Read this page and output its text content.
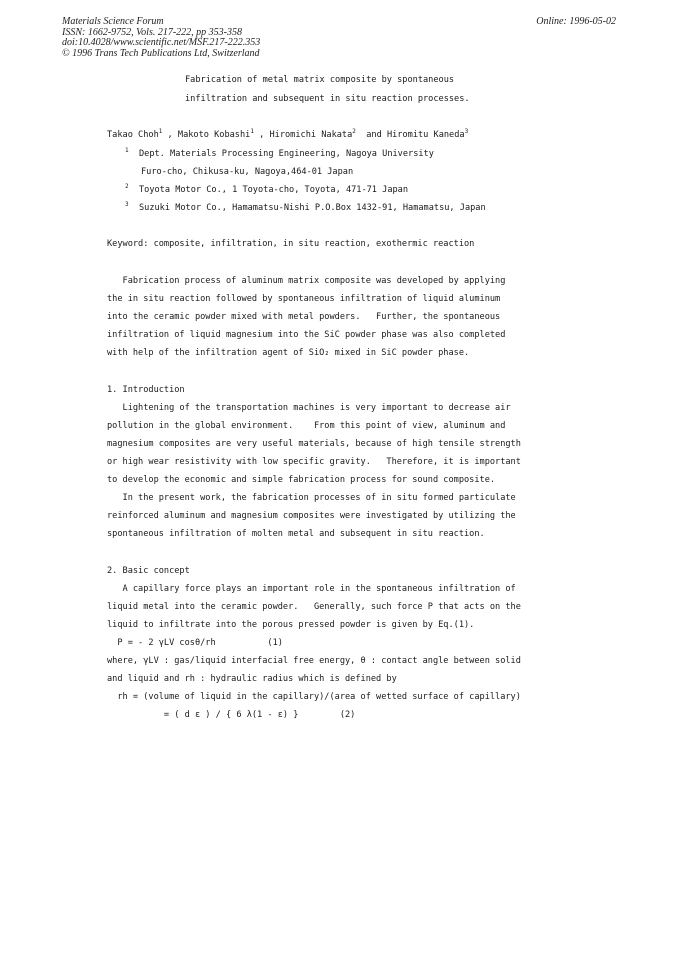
Materials Science Forum
ISSN: 1662-9752, Vols. 217-222, pp 353-358
doi:10.4028/www.scientific.net/MSF.217-222.353
© 1996 Trans Tech Publications Ltd, Switzerland
Online: 1996-05-02
Fabrication of metal matrix composite by spontaneous
infiltration and subsequent in situ reaction processes.
Takao Choh$^1$ , Makoto Kobashi$^1$ , Hiromichi Nakata$^2$  and Hiromitu Kaneda$^3$
$^1$ Dept. Materials Processing Engineering, Nagoya University
Furo-cho, Chikusa-ku, Nagoya,464-01 Japan
$^2$ Toyota Motor Co., 1 Toyota-cho, Toyota, 471-71 Japan
$^3$ Suzuki Motor Co., Hamamatsu-Nishi P.O.Box 1432-91, Hamamatsu, Japan
Keyword: composite, infiltration, in situ reaction, exothermic reaction
Fabrication process of aluminum matrix composite was developed by applying
the in situ reaction followed by spontaneous infiltration of liquid aluminum
into the ceramic powder mixed with metal powders.   Further, the spontaneous
infiltration of liquid magnesium into the SiC powder phase was also completed
with help of the infiltration agent of SiO₂ mixed in SiC powder phase.
1. Introduction
Lightening of the transportation machines is very important to decrease air
pollution in the global environment.    From this point of view, aluminum and
magnesium composites are very useful materials, because of high tensile strength
or high wear resistivity with low specific gravity.   Therefore, it is important
to develop the economic and simple fabrication process for sound composite.
In the present work, the fabrication processes of in situ formed particulate
reinforced aluminum and magnesium composites were investigated by utilizing the
spontaneous infiltration of molten metal and subsequent in situ reaction.
2. Basic concept
A capillary force plays an important role in the spontaneous infiltration of
liquid metal into the ceramic powder.   Generally, such force P that acts on the
liquid to infiltrate into the porous pressed powder is given by Eq.(1).
P = - 2 γLV cosθ/rh          (1)
where, γLV : gas/liquid interfacial free energy, θ : contact angle between solid
and liquid and rh : hydraulic radius which is defined by
rh = (volume of liquid in the capillary)/(area of wetted surface of capillary)
= ( d ε ) / { 6 λ(1 - ε) }        (2)
